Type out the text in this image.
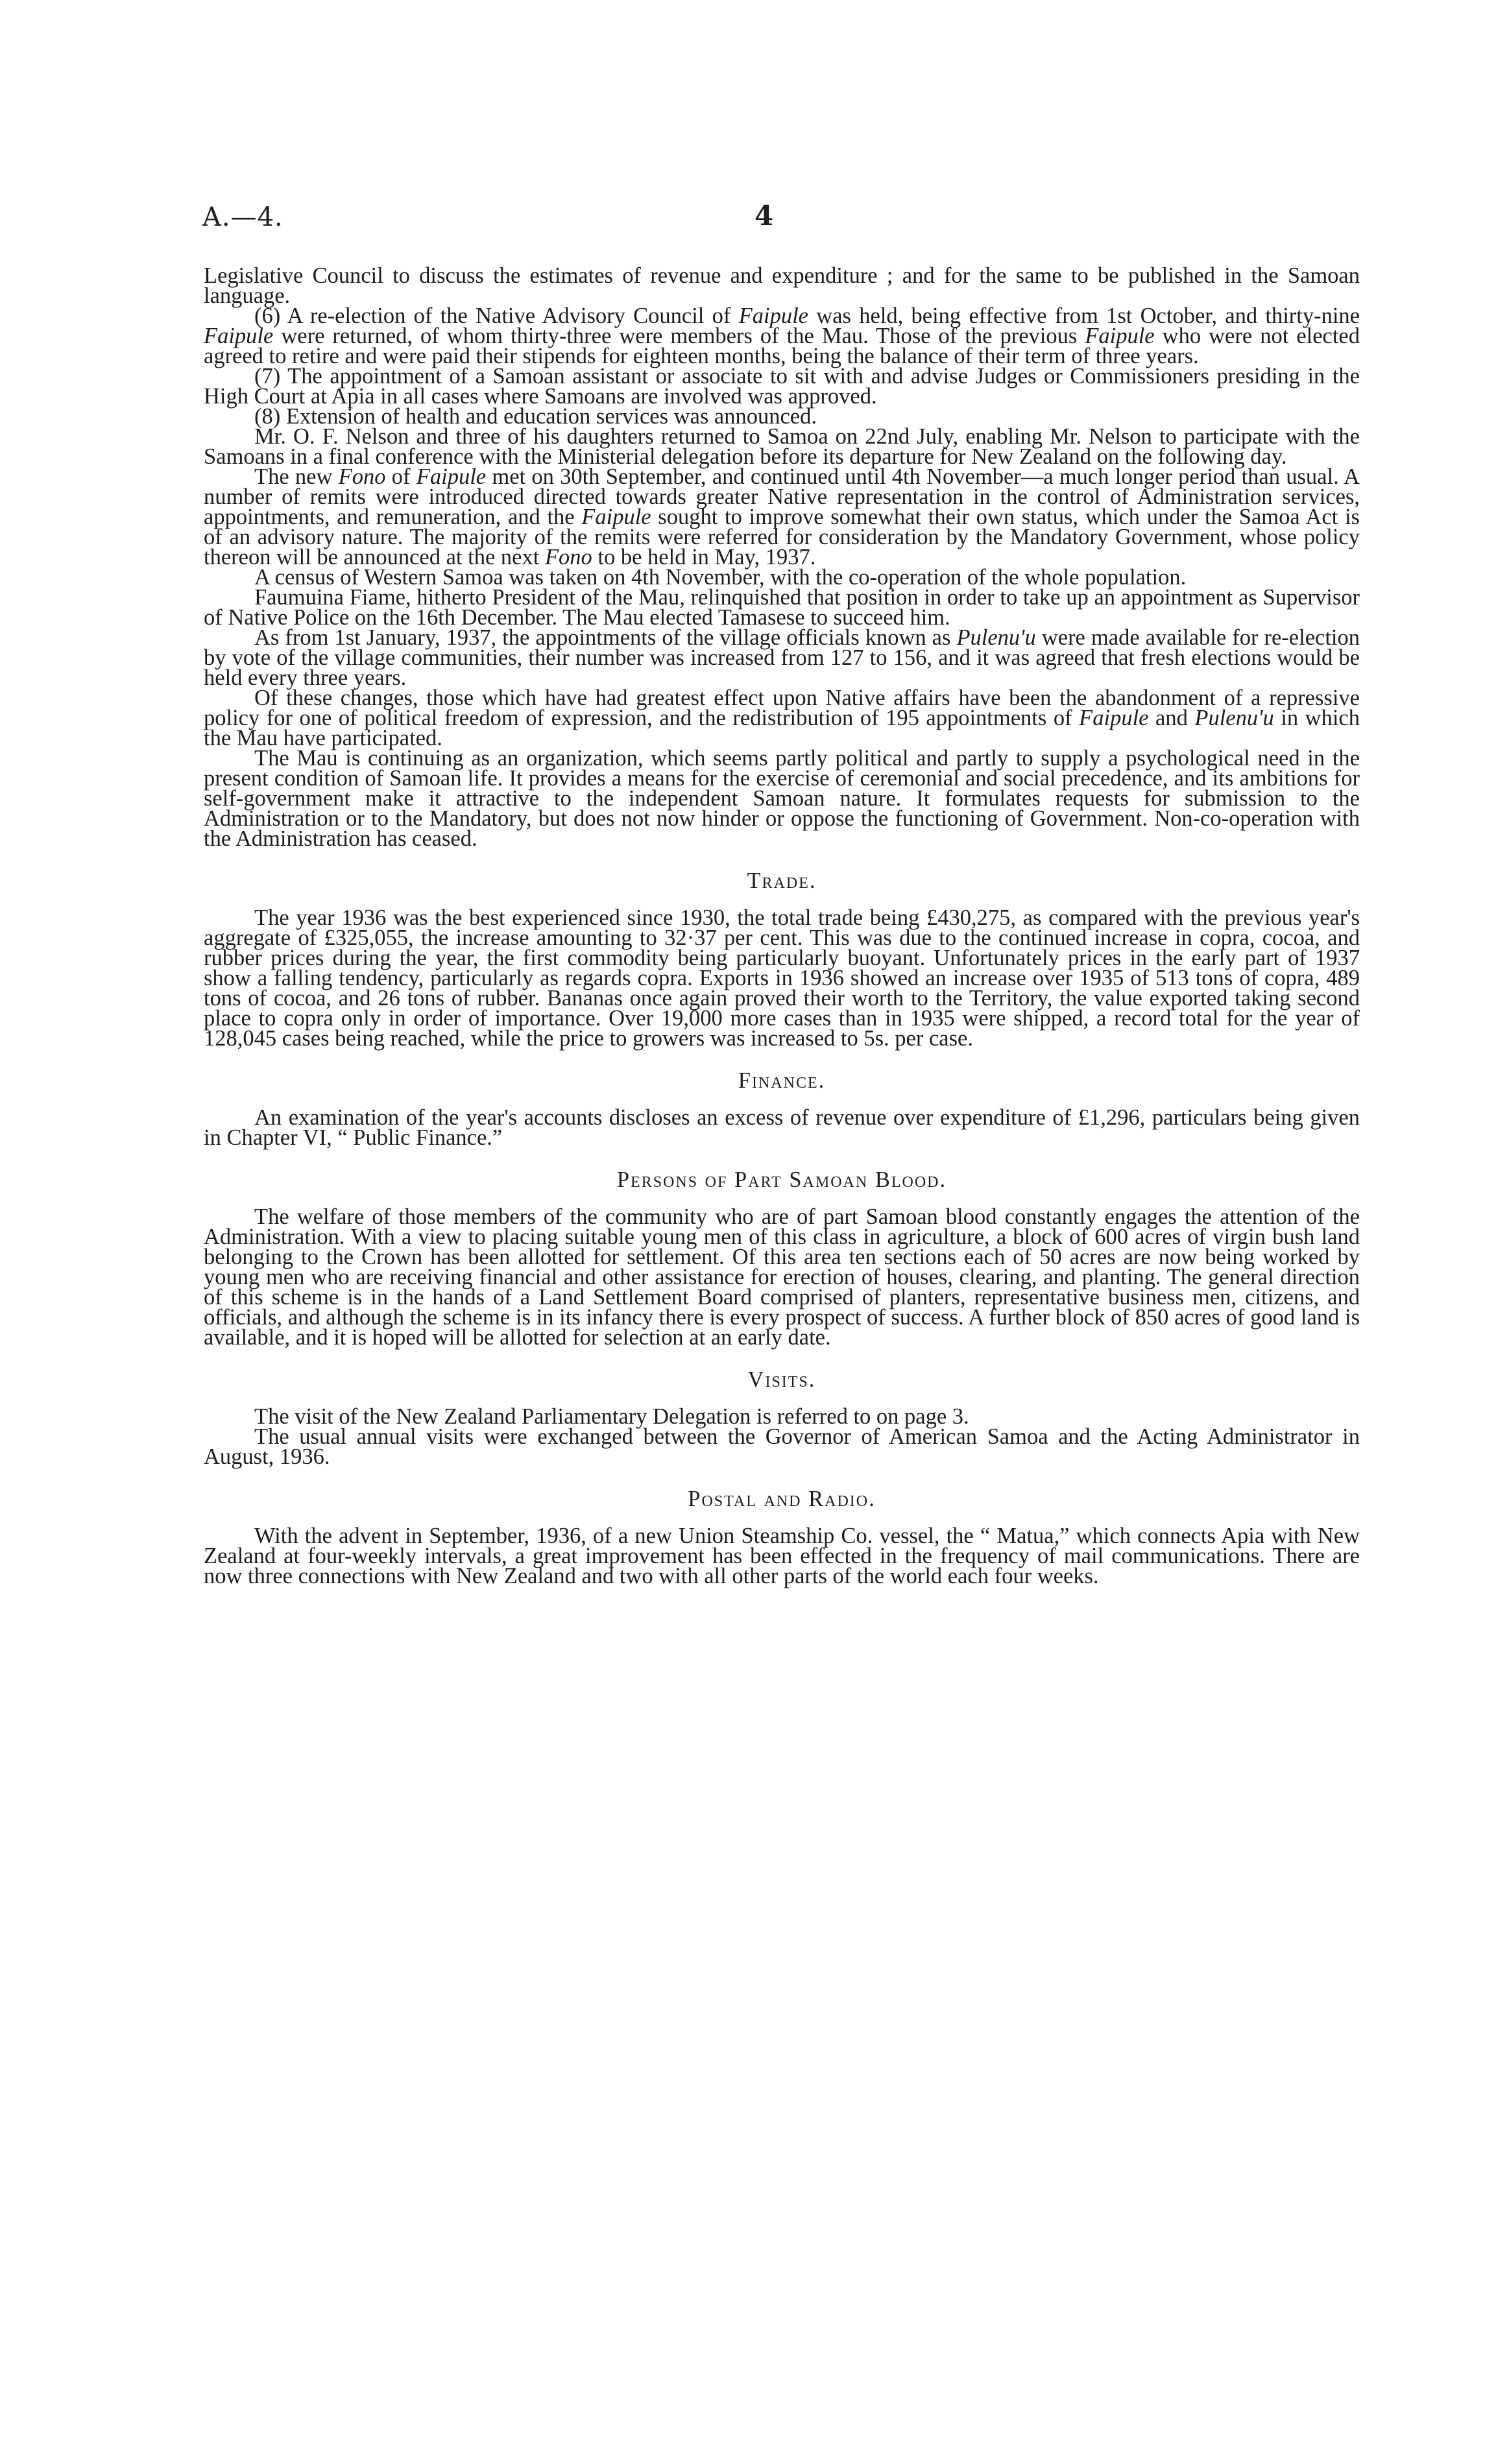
A.—4.	4

Legislative Council to discuss the estimates of revenue and expenditure ; and for the same to be published in the Samoan language.

(6) A re-election of the Native Advisory Council of Faipule was held, being effective from 1st October, and thirty-nine Faipule were returned, of whom thirty-three were members of the Mau. Those of the previous Faipule who were not elected agreed to retire and were paid their stipends for eighteen months, being the balance of their term of three years.

(7) The appointment of a Samoan assistant or associate to sit with and advise Judges or Commissioners presiding in the High Court at Apia in all cases where Samoans are involved was approved.

(8) Extension of health and education services was announced.

Mr. O. F. Nelson and three of his daughters returned to Samoa on 22nd July, enabling Mr. Nelson to participate with the Samoans in a final conference with the Ministerial delegation before its departure for New Zealand on the following day.

The new Fono of Faipule met on 30th September, and continued until 4th November—a much longer period than usual. A number of remits were introduced directed towards greater Native representation in the control of Administration services, appointments, and remuneration, and the Faipule sought to improve somewhat their own status, which under the Samoa Act is of an advisory nature. The majority of the remits were referred for consideration by the Mandatory Government, whose policy thereon will be announced at the next Fono to be held in May, 1937.

A census of Western Samoa was taken on 4th November, with the co-operation of the whole population.

Faumuina Fiame, hitherto President of the Mau, relinquished that position in order to take up an appointment as Supervisor of Native Police on the 16th December. The Mau elected Tamasese to succeed him.

As from 1st January, 1937, the appointments of the village officials known as Pulenu'u were made available for re-election by vote of the village communities, their number was increased from 127 to 156, and it was agreed that fresh elections would be held every three years.

Of these changes, those which have had greatest effect upon Native affairs have been the abandonment of a repressive policy for one of political freedom of expression, and the redistribution of 195 appointments of Faipule and Pulenu'u in which the Mau have participated.

The Mau is continuing as an organization, which seems partly political and partly to supply a psychological need in the present condition of Samoan life. It provides a means for the exercise of ceremonial and social precedence, and its ambitions for self-government make it attractive to the independent Samoan nature. It formulates requests for submission to the Administration or to the Mandatory, but does not now hinder or oppose the functioning of Government. Non-co-operation with the Administration has ceased.

Trade.

The year 1936 was the best experienced since 1930, the total trade being £430,275, as compared with the previous year's aggregate of £325,055, the increase amounting to 32·37 per cent. This was due to the continued increase in copra, cocoa, and rubber prices during the year, the first commodity being particularly buoyant. Unfortunately prices in the early part of 1937 show a falling tendency, particularly as regards copra. Exports in 1936 showed an increase over 1935 of 513 tons of copra, 489 tons of cocoa, and 26 tons of rubber. Bananas once again proved their worth to the Territory, the value exported taking second place to copra only in order of importance. Over 19,000 more cases than in 1935 were shipped, a record total for the year of 128,045 cases being reached, while the price to growers was increased to 5s. per case.

Finance.

An examination of the year's accounts discloses an excess of revenue over expenditure of £1,296, particulars being given in Chapter VI, “ Public Finance.”

Persons of Part Samoan Blood.

The welfare of those members of the community who are of part Samoan blood constantly engages the attention of the Administration. With a view to placing suitable young men of this class in agriculture, a block of 600 acres of virgin bush land belonging to the Crown has been allotted for settlement. Of this area ten sections each of 50 acres are now being worked by young men who are receiving financial and other assistance for erection of houses, clearing, and planting. The general direction of this scheme is in the hands of a Land Settlement Board comprised of planters, representative business men, citizens, and officials, and although the scheme is in its infancy there is every prospect of success. A further block of 850 acres of good land is available, and it is hoped will be allotted for selection at an early date.

Visits.

The visit of the New Zealand Parliamentary Delegation is referred to on page 3.

The usual annual visits were exchanged between the Governor of American Samoa and the Acting Administrator in August, 1936.

Postal and Radio.

With the advent in September, 1936, of a new Union Steamship Co. vessel, the “ Matua,” which connects Apia with New Zealand at four-weekly intervals, a great improvement has been effected in the frequency of mail communications. There are now three connections with New Zealand and two with all other parts of the world each four weeks.
